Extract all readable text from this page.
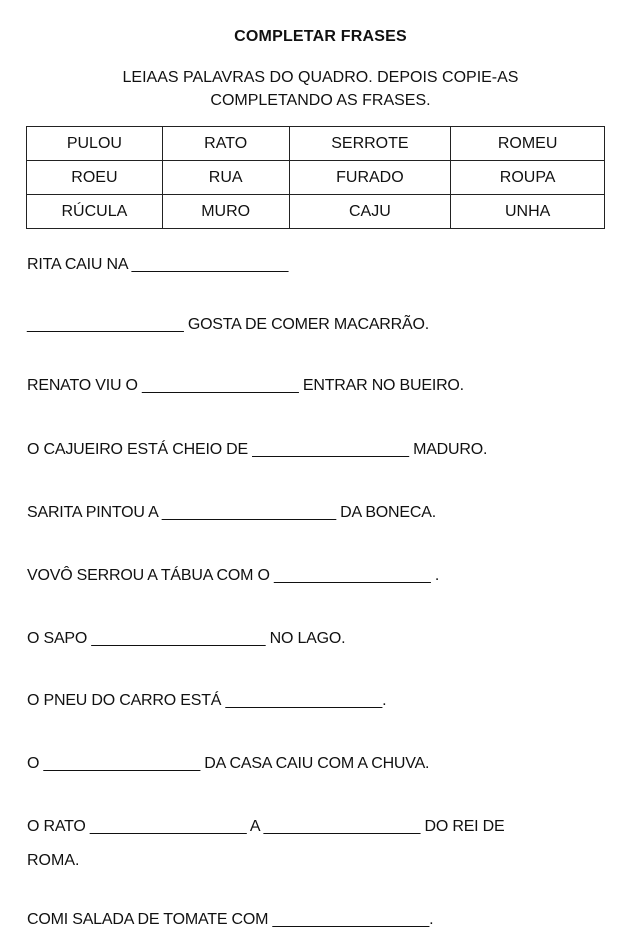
COMPLETAR FRASES
LEIAAS PALAVRAS DO QUADRO. DEPOIS COPIE-AS
COMPLETANDO AS FRASES.
PULOU	RATO	SERROTE	ROMEU
ROEU	RUA	FURADO	ROUPA
RÚCULA	MURO	CAJU	UNHA
RITA CAIU NA __________________
__________________ GOSTA DE COMER MACARRÃO.
RENATO VIU O __________________ ENTRAR NO BUEIRO.
O CAJUEIRO ESTÁ CHEIO DE __________________ MADURO.
SARITA PINTOU A ____________________ DA BONECA.
VOVÔ SERROU A TÁBUA COM O __________________ .
O SAPO ____________________ NO LAGO.
O PNEU DO CARRO ESTÁ __________________.
O __________________ DA CASA CAIU COM A CHUVA.
O RATO __________________ A __________________ DO REI DE
ROMA.
COMI SALADA DE TOMATE COM __________________.
